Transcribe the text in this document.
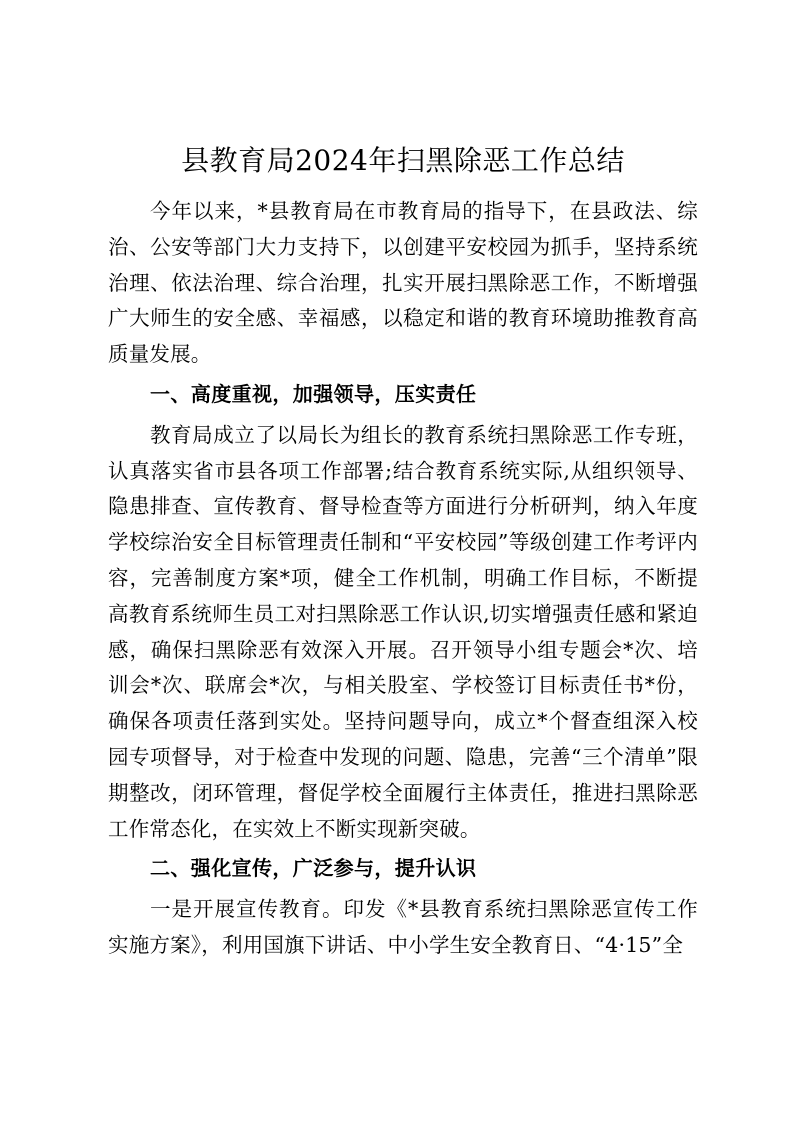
县教育局2024年扫黑除恶工作总结

今年以来，*县教育局在市教育局的指导下，在县政法、综治、公安等部门大力支持下，以创建平安校园为抓手，坚持系统治理、依法治理、综合治理，扎实开展扫黑除恶工作，不断增强广大师生的安全感、幸福感，以稳定和谐的教育环境助推教育高质量发展。

一、高度重视，加强领导，压实责任

教育局成立了以局长为组长的教育系统扫黑除恶工作专班，认真落实省市县各项工作部署;结合教育系统实际,从组织领导、隐患排查、宣传教育、督导检查等方面进行分析研判，纳入年度学校综治安全目标管理责任制和“平安校园”等级创建工作考评内容，完善制度方案*项，健全工作机制，明确工作目标，不断提高教育系统师生员工对扫黑除恶工作认识,切实增强责任感和紧迫感，确保扫黑除恶有效深入开展。召开领导小组专题会*次、培训会*次、联席会*次，与相关股室、学校签订目标责任书*份，确保各项责任落到实处。坚持问题导向，成立*个督查组深入校园专项督导，对于检查中发现的问题、隐患，完善“三个清单”限期整改，闭环管理，督促学校全面履行主体责任，推进扫黑除恶工作常态化，在实效上不断实现新突破。

二、强化宣传，广泛参与，提升认识

一是开展宣传教育。印发《*县教育系统扫黑除恶宣传工作实施方案》，利用国旗下讲话、中小学生安全教育日、“4·15”全
